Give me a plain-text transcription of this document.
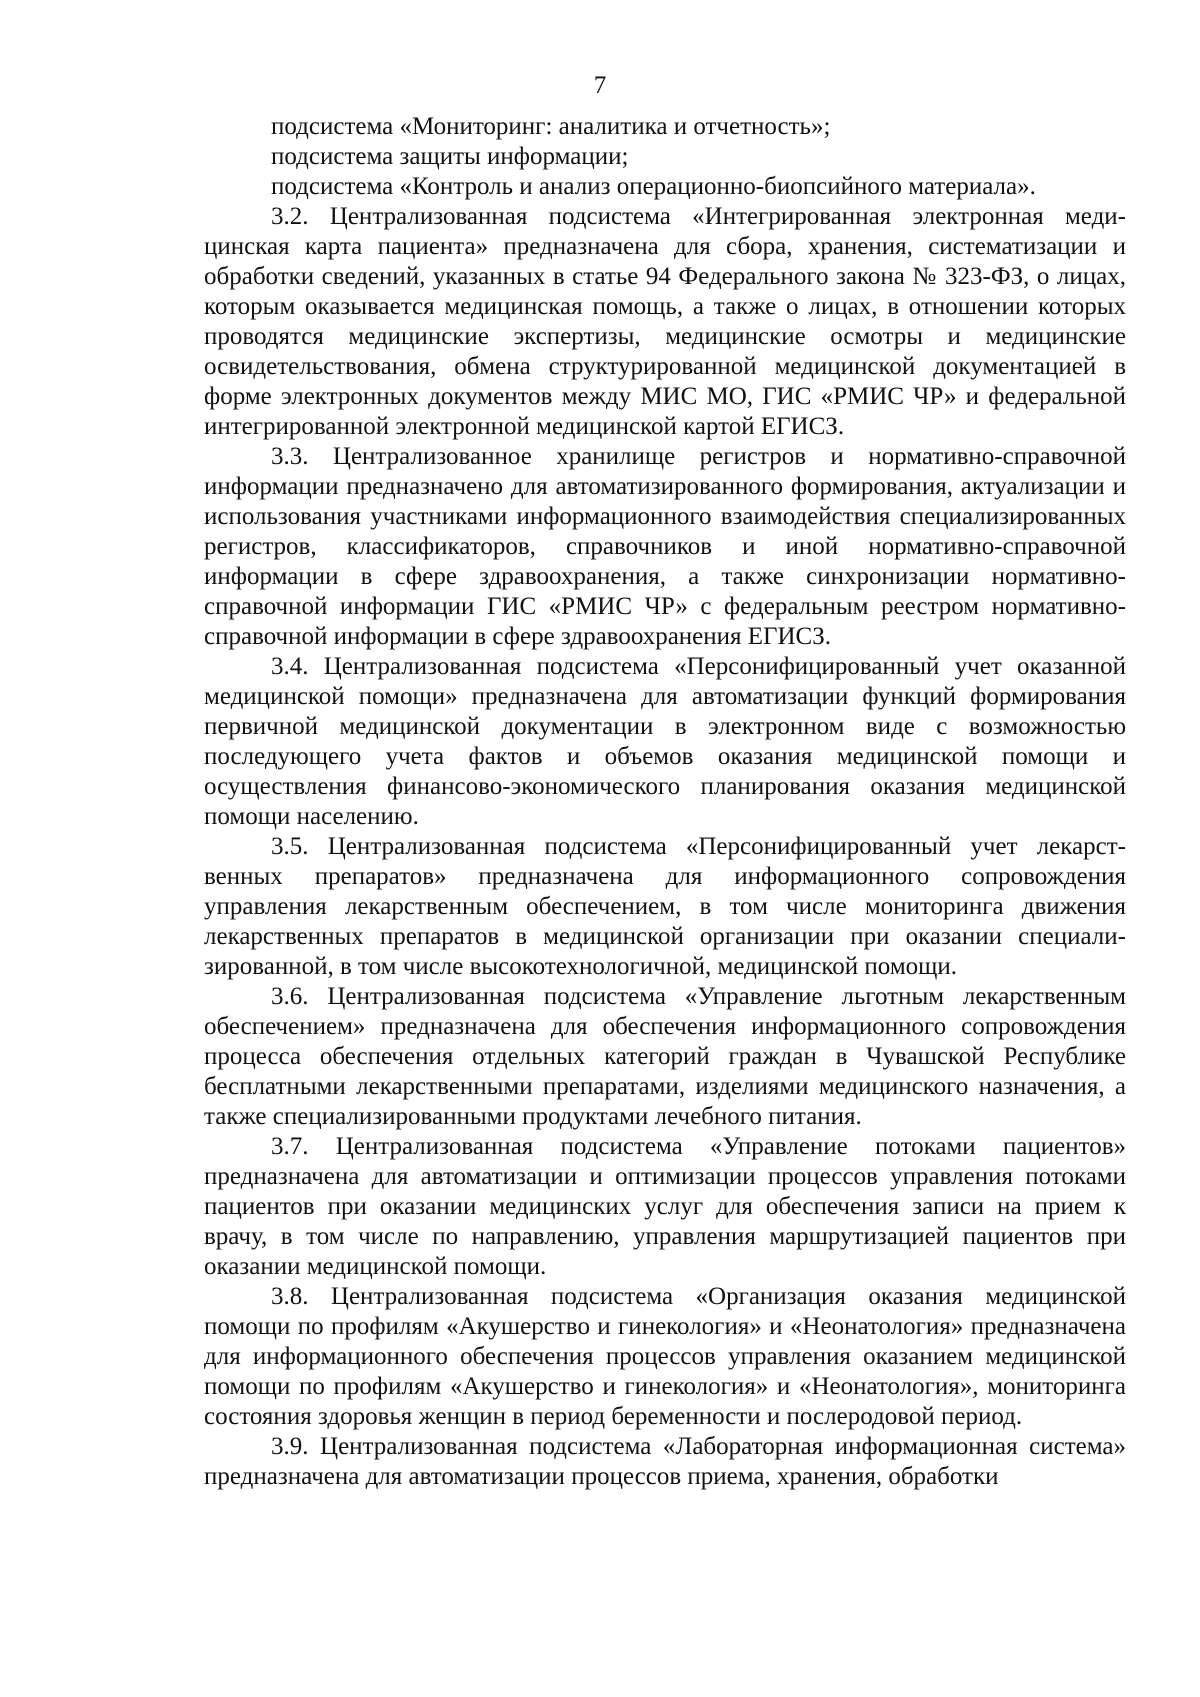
7

подсистема «Мониторинг: аналитика и отчетность»;

подсистема защиты информации;

подсистема «Контроль и анализ операционно-биопсийного материала».

3.2. Централизованная подсистема «Интегрированная электронная медицинская карта пациента» предназначена для сбора, хранения, систематизации и обработки сведений, указанных в статье 94 Федерального закона № 323-ФЗ, о лицах, которым оказывается медицинская помощь, а также о лицах, в отношении которых проводятся медицинские экспертизы, медицинские осмотры и медицинские освидетельствования, обмена структурированной медицинской документацией в форме электронных документов между МИС МО, ГИС «РМИС ЧР» и федеральной интегрированной электронной медицинской картой ЕГИСЗ.

3.3. Централизованное хранилище регистров и нормативно-справочной информации предназначено для автоматизированного формирования, актуализации и использования участниками информационного взаимодействия специализированных регистров, классификаторов, справочников и иной нормативно-справочной информации в сфере здравоохранения, а также синхронизации нормативно-справочной информации ГИС «РМИС ЧР» с федеральным реестром нормативно-справочной информации в сфере здравоохранения ЕГИСЗ.

3.4. Централизованная подсистема «Персонифицированный учет оказанной медицинской помощи» предназначена для автоматизации функций формирования первичной медицинской документации в электронном виде с возможностью последующего учета фактов и объемов оказания медицинской помощи и осуществления финансово-экономического планирования оказания медицинской помощи населению.

3.5. Централизованная подсистема «Персонифицированный учет лекарственных препаратов» предназначена для информационного сопровождения управления лекарственным обеспечением, в том числе мониторинга движения лекарственных препаратов в медицинской организации при оказании специализированной, в том числе высокотехнологичной, медицинской помощи.

3.6. Централизованная подсистема «Управление льготным лекарственным обеспечением» предназначена для обеспечения информационного сопровождения процесса обеспечения отдельных категорий граждан в Чувашской Республике бесплатными лекарственными препаратами, изделиями медицинского назначения, а также специализированными продуктами лечебного питания.

3.7. Централизованная подсистема «Управление потоками пациентов» предназначена для автоматизации и оптимизации процессов управления потоками пациентов при оказании медицинских услуг для обеспечения записи на прием к врачу, в том числе по направлению, управления маршрутизацией пациентов при оказании медицинской помощи.

3.8. Централизованная подсистема «Организация оказания медицинской помощи по профилям «Акушерство и гинекология» и «Неонатология» предназначена для информационного обеспечения процессов управления оказанием медицинской помощи по профилям «Акушерство и гинекология» и «Неонатология», мониторинга состояния здоровья женщин в период беременности и послеродовой период.

3.9. Централизованная подсистема «Лабораторная информационная система» предназначена для автоматизации процессов приема, хранения, обработки
